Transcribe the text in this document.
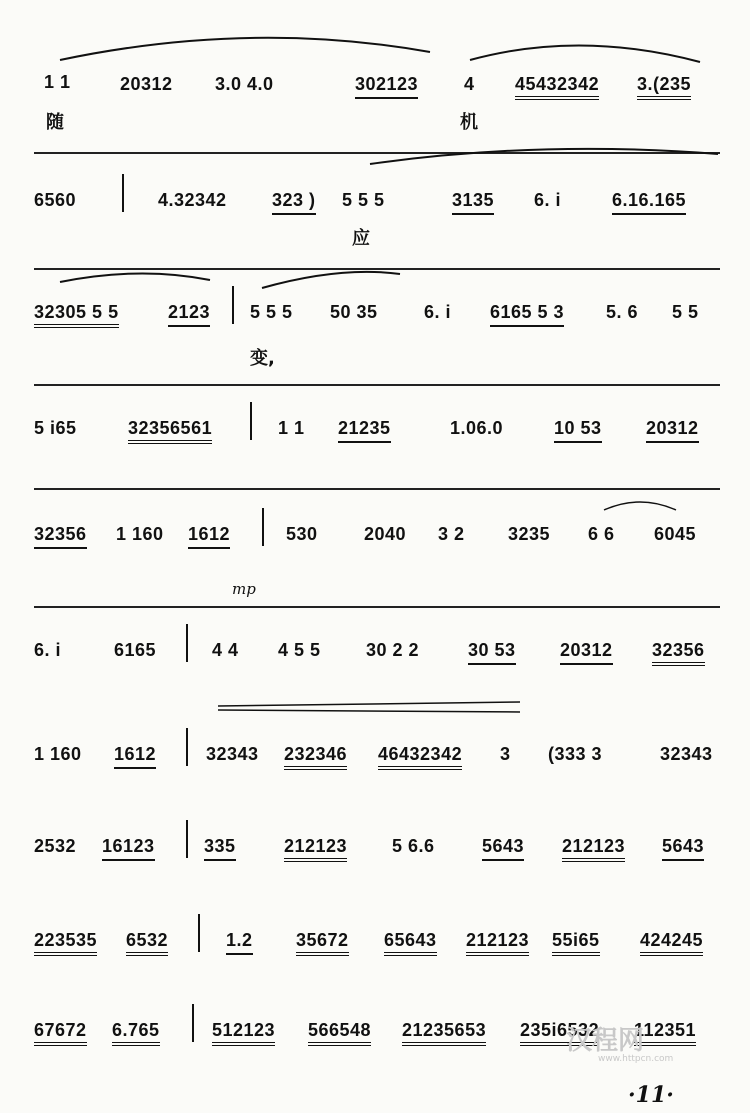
1 1	20312 3.0 4.0	302123	4 45432342 3.(235
随	机
6560	4.32342	323 ) 5 5 5	3135 6. i	6.16.165
应
32305 5 5	2123 5 5 5 50 35	6. i 6165 5 3 5. 6 5 5
变,
5 i65	32356561	1 1 21235	1.06.0	10 53 20312
32356 1 160 1612	530	2040 3 2 3235 6 6 6045
mp
6. i	6165	4 4 4 5 5	30 2 2	30 53 20312 32356
1 160 1612	32343 232346 46432342 3 (333 3	32343
2532 16123	335	212123 5 6.6	5643 212123 5643
223535 6532	1.2 35672 65643 212123 55i65 424245
67672 6.765	512123 566548 21235653 235i6532 112351
汉程网
www.httpcn.com
·11·
